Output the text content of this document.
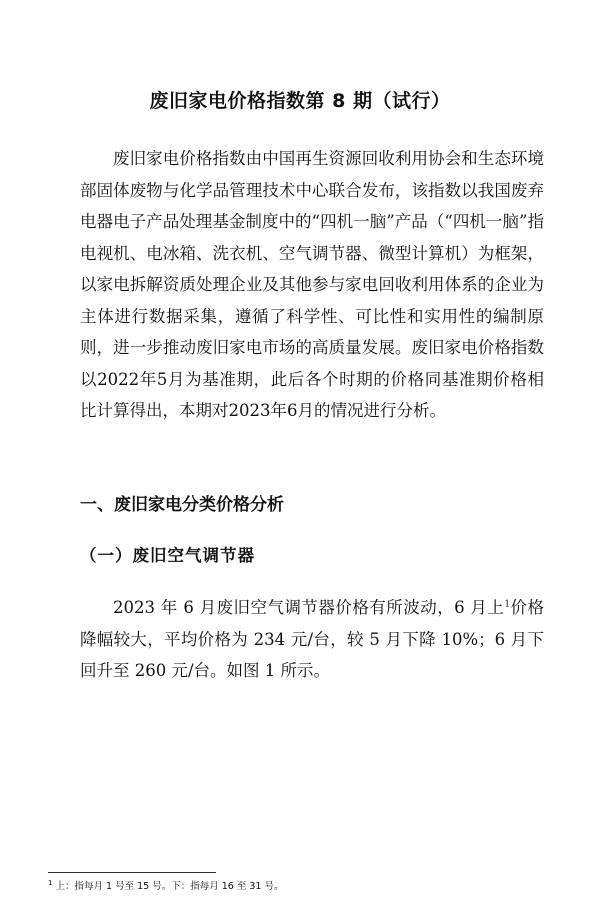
废旧家电价格指数第 8 期（试行）

废旧家电价格指数由中国再生资源回收利用协会和生态环境部固体废物与化学品管理技术中心联合发布，该指数以我国废弃电器电子产品处理基金制度中的“四机一脑”产品（“四机一脑”指电视机、电冰箱、洗衣机、空气调节器、微型计算机）为框架，以家电拆解资质处理企业及其他参与家电回收利用体系的企业为主体进行数据采集，遵循了科学性、可比性和实用性的编制原则，进一步推动废旧家电市场的高质量发展。废旧家电价格指数以2022年5月为基准期，此后各个时期的价格同基准期价格相比计算得出，本期对2023年6月的情况进行分析。

一、废旧家电分类价格分析
（一）废旧空气调节器

2023 年 6 月废旧空气调节器价格有所波动，6 月上$^1$价格降幅较大，平均价格为 234 元/台，较 5 月下降 10%；6 月下回升至 260 元/台。如图 1 所示。

$^1$ 上：指每月 1 号至 15 号。下：指每月 16 至 31 号。
